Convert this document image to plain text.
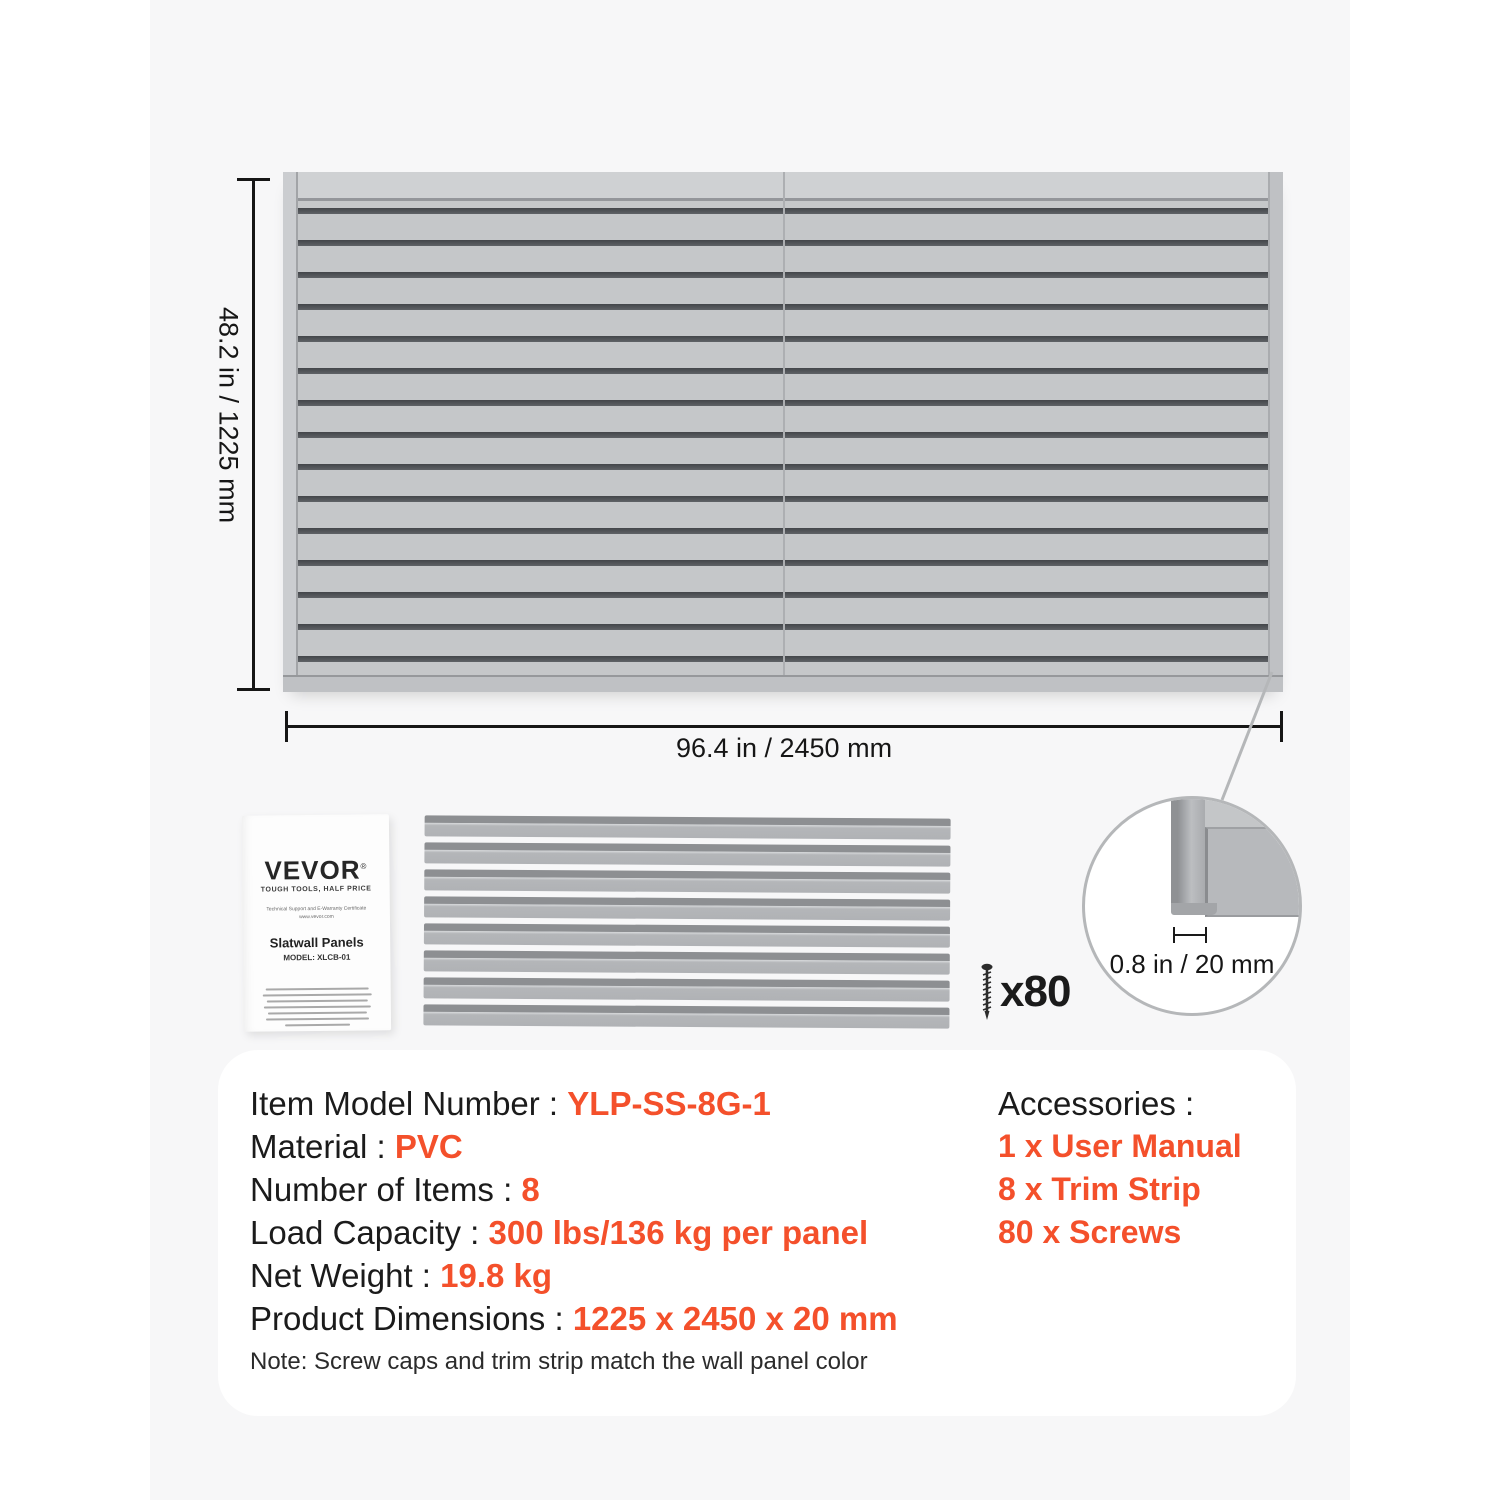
48.2 in / 1225 mm
96.4 in / 2450 mm
VEVOR®
TOUGH TOOLS, HALF PRICE
Technical Support and E-Warranty Certificate
www.vevor.com
Slatwall Panels
MODEL: XLCB-01
x80
0.8 in / 20 mm
Item Model Number : YLP-SS-8G-1
Material : PVC
Number of Items : 8
Load Capacity : 300 lbs/136 kg per panel
Net Weight : 19.8 kg
Product Dimensions : 1225 x 2450 x 20 mm
Accessories :
1 x User Manual
8 x Trim Strip
80 x Screws
Note: Screw caps and trim strip match the wall panel color
